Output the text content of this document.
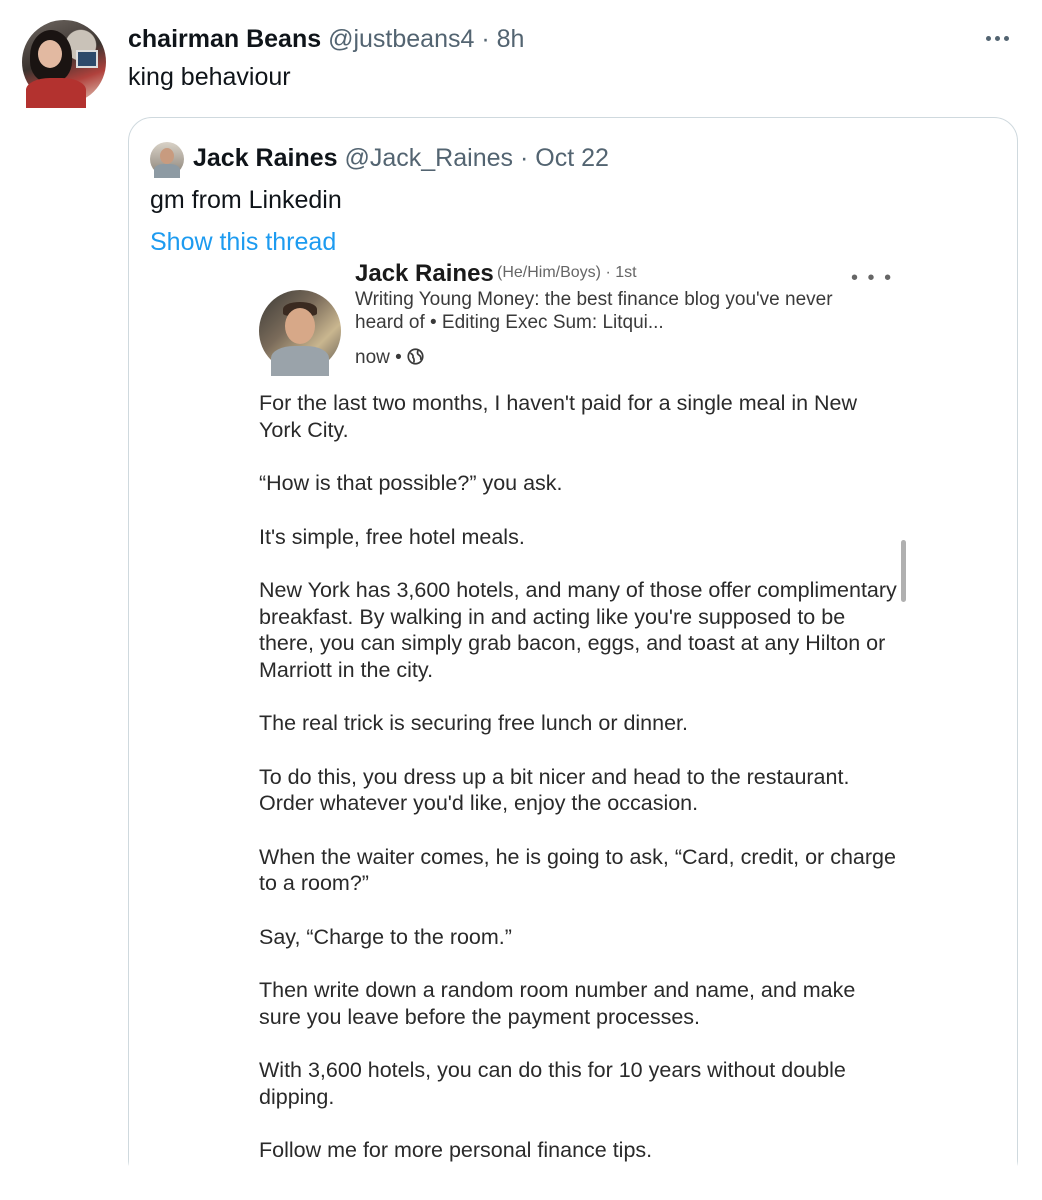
chairman Beans @justbeans4 · 8h
king behaviour
Jack Raines @Jack_Raines · Oct 22
gm from Linkedin
Show this thread
Jack Raines (He/Him/Boys) · 1st	• • •
Writing Young Money: the best finance blog you've never heard of • Editing Exec Sum: Litqui...
now •

For the last two months, I haven't paid for a single meal in New York City.

“How is that possible?” you ask.

It's simple, free hotel meals.

New York has 3,600 hotels, and many of those offer complimentary breakfast. By walking in and acting like you're supposed to be there, you can simply grab bacon, eggs, and toast at any Hilton or Marriott in the city.

The real trick is securing free lunch or dinner.

To do this, you dress up a bit nicer and head to the restaurant. Order whatever you'd like, enjoy the occasion.

When the waiter comes, he is going to ask, “Card, credit, or charge to a room?”

Say, “Charge to the room.”

Then write down a random room number and name, and make sure you leave before the payment processes.

With 3,600 hotels, you can do this for 10 years without double dipping.

Follow me for more personal finance tips.
